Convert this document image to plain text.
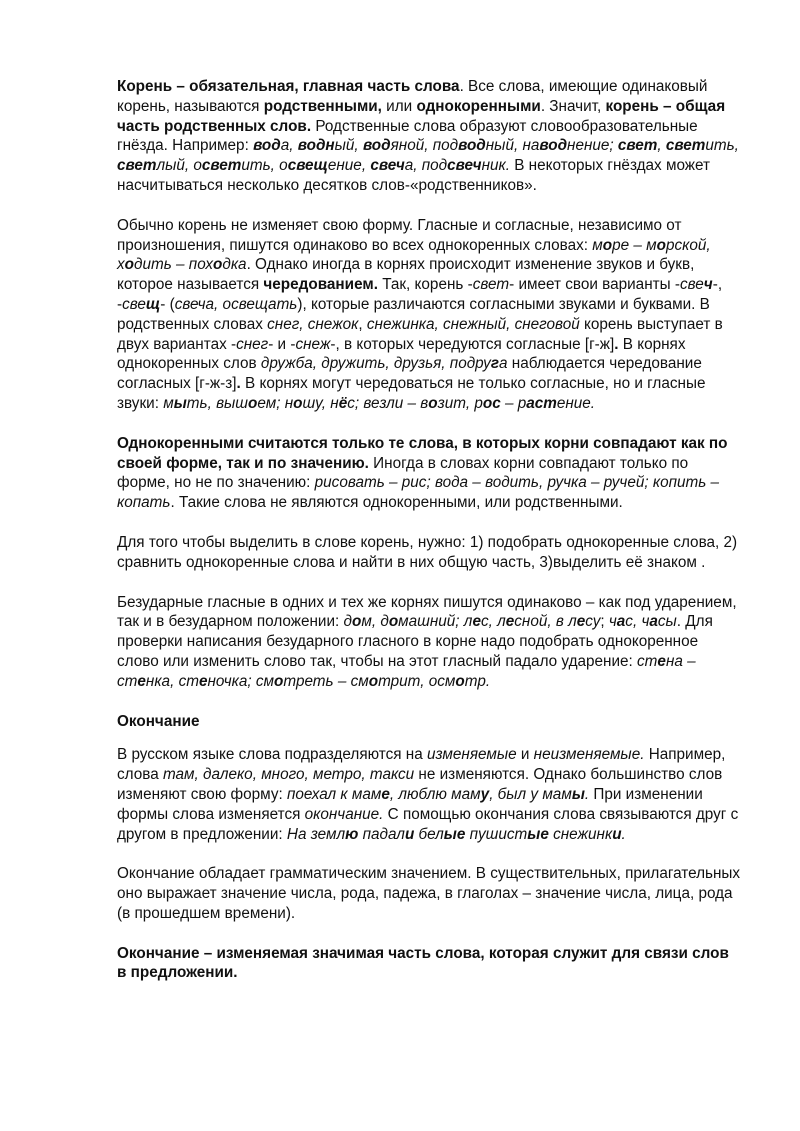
Корень – обязательная, главная часть слова. Все слова, имеющие одинаковый корень, называются родственными, или однокоренными. Значит, корень – общая часть родственных слов. Родственные слова образуют словообразовательные гнёзда. Например: вода, водный, водяной, подводный, наводнение; свет, светить, светлый, осветить, освещение, свеча, подсвечник. В некоторых гнёздах может насчитываться несколько десятков слов-«родственников».

Обычно корень не изменяет свою форму. Гласные и согласные, независимо от произношения, пишутся одинаково во всех однокоренных словах: море – морской, ходить – походка. Однако иногда в корнях происходит изменение звуков и букв, которое называется чередованием. Так, корень -свет- имеет свои варианты -свеч-, -свещ- (свеча, освещать), которые различаются согласными звуками и буквами. В родственных словах снег, снежок, снежинка, снежный, снеговой корень выступает в двух вариантах -снег- и -снеж-, в которых чередуются согласные [г-ж]. В корнях однокоренных слов дружба, дружить, друзья, подруга наблюдается чередование согласных [г-ж-з]. В корнях могут чередоваться не только согласные, но и гласные звуки: мыть, вышоем; ношу, нёс; везли – возит, рос – растение.

Однокоренными считаются только те слова, в которых корни совпадают как по своей форме, так и по значению. Иногда в словах корни совпадают только по форме, но не по значению: рисовать – рис; вода – водить, ручка – ручей; копить – копать. Такие слова не являются однокоренными, или родственными.

Для того чтобы выделить в слове корень, нужно: 1) подобрать однокоренные слова, 2) сравнить однокоренные слова и найти в них общую часть, 3)выделить её знаком .

Безударные гласные в одних и тех же корнях пишутся одинаково – как под ударением, так и в безударном положении: дом, домашний; лес, лесной, в лесу; час, часы. Для проверки написания безударного гласного в корне надо подобрать однокоренное слово или изменить слово так, чтобы на этот гласный падало ударение: стена – стенка, стеночка; смотреть – смотрит, осмотр.

Окончание

В русском языке слова подразделяются на изменяемые и неизменяемые. Например, слова там, далеко, много, метро, такси не изменяются. Однако большинство слов изменяют свою форму: поехал к маме, люблю маму, был у мамы. При изменении формы слова изменяется окончание. С помощью окончания слова связываются друг с другом в предложении: На землю падали белые пушистые снежинки.

Окончание обладает грамматическим значением. В существительных, прилагательных оно выражает значение числа, рода, падежа, в глаголах – значение числа, лица, рода (в прошедшем времени).

Окончание – изменяемая значимая часть слова, которая служит для связи слов в предложении.
